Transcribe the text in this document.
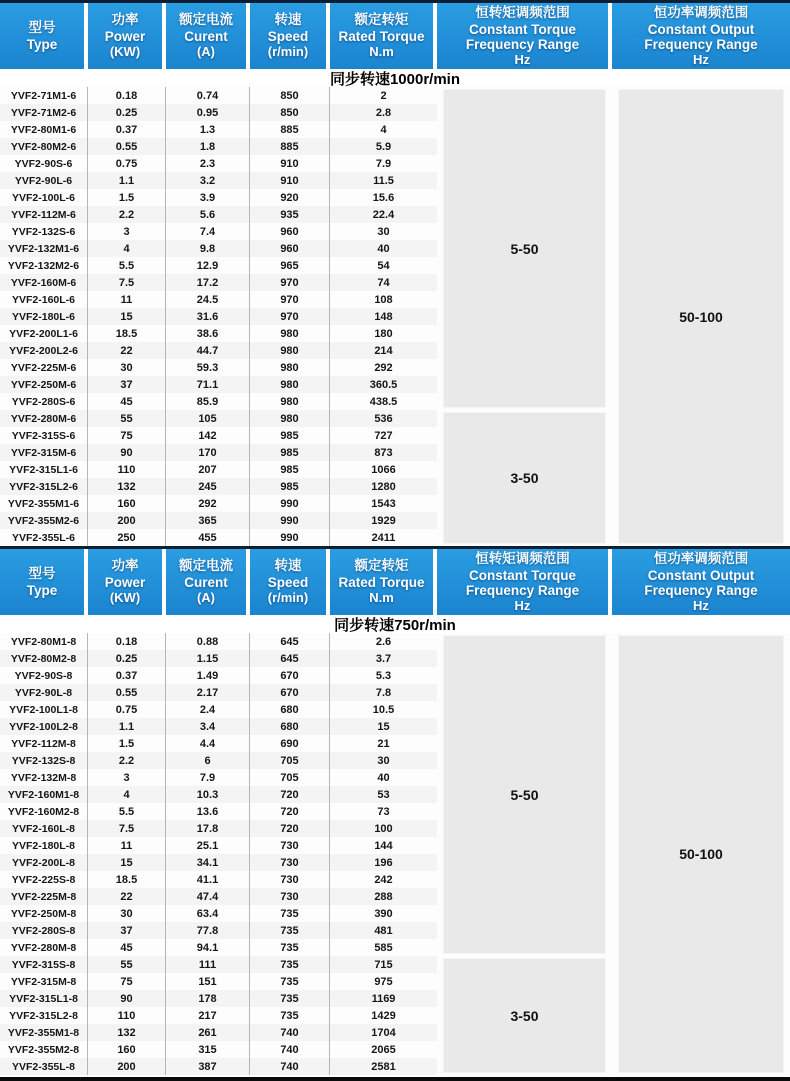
型号
Type
功率
Power
(KW)
额定电流
Curent
(A)
转速
Speed
(r/min)
额定转矩
Rated Torque
N.m
恒转矩调频范围
Constant Torque Frequency Range
Hz
恒功率调频范围
Constant Output Frequency Range
Hz
同步转速1000r/min
YVF2-71M1-6	0.18	0.74	850	2
YVF2-71M2-6	0.25	0.95	850	2.8
YVF2-80M1-6	0.37	1.3	885	4
YVF2-80M2-6	0.55	1.8	885	5.9
YVF2-90S-6	0.75	2.3	910	7.9
YVF2-90L-6	1.1	3.2	910	11.5
YVF2-100L-6	1.5	3.9	920	15.6
YVF2-112M-6	2.2	5.6	935	22.4
YVF2-132S-6	3	7.4	960	30
YVF2-132M1-6	4	9.8	960	40
YVF2-132M2-6	5.5	12.9	965	54
YVF2-160M-6	7.5	17.2	970	74
YVF2-160L-6	11	24.5	970	108
YVF2-180L-6	15	31.6	970	148
YVF2-200L1-6	18.5	38.6	980	180
YVF2-200L2-6	22	44.7	980	214
YVF2-225M-6	30	59.3	980	292
YVF2-250M-6	37	71.1	980	360.5
YVF2-280S-6	45	85.9	980	438.5
YVF2-280M-6	55	105	980	536
YVF2-315S-6	75	142	985	727
YVF2-315M-6	90	170	985	873
YVF2-315L1-6	110	207	985	1066
YVF2-315L2-6	132	245	985	1280
YVF2-355M1-6	160	292	990	1543
YVF2-355M2-6	200	365	990	1929
YVF2-355L-6	250	455	990	2411
5-50
3-50
50-100
型号
Type
功率
Power
(KW)
额定电流
Curent
(A)
转速
Speed
(r/min)
额定转矩
Rated Torque
N.m
恒转矩调频范围
Constant Torque Frequency Range
Hz
恒功率调频范围
Constant Output Frequency Range
Hz
同步转速750r/min
YVF2-80M1-8	0.18	0.88	645	2.6
YVF2-80M2-8	0.25	1.15	645	3.7
YVF2-90S-8	0.37	1.49	670	5.3
YVF2-90L-8	0.55	2.17	670	7.8
YVF2-100L1-8	0.75	2.4	680	10.5
YVF2-100L2-8	1.1	3.4	680	15
YVF2-112M-8	1.5	4.4	690	21
YVF2-132S-8	2.2	6	705	30
YVF2-132M-8	3	7.9	705	40
YVF2-160M1-8	4	10.3	720	53
YVF2-160M2-8	5.5	13.6	720	73
YVF2-160L-8	7.5	17.8	720	100
YVF2-180L-8	11	25.1	730	144
YVF2-200L-8	15	34.1	730	196
YVF2-225S-8	18.5	41.1	730	242
YVF2-225M-8	22	47.4	730	288
YVF2-250M-8	30	63.4	735	390
YVF2-280S-8	37	77.8	735	481
YVF2-280M-8	45	94.1	735	585
YVF2-315S-8	55	111	735	715
YVF2-315M-8	75	151	735	975
YVF2-315L1-8	90	178	735	1169
YVF2-315L2-8	110	217	735	1429
YVF2-355M1-8	132	261	740	1704
YVF2-355M2-8	160	315	740	2065
YVF2-355L-8	200	387	740	2581
5-50
3-50
50-100
